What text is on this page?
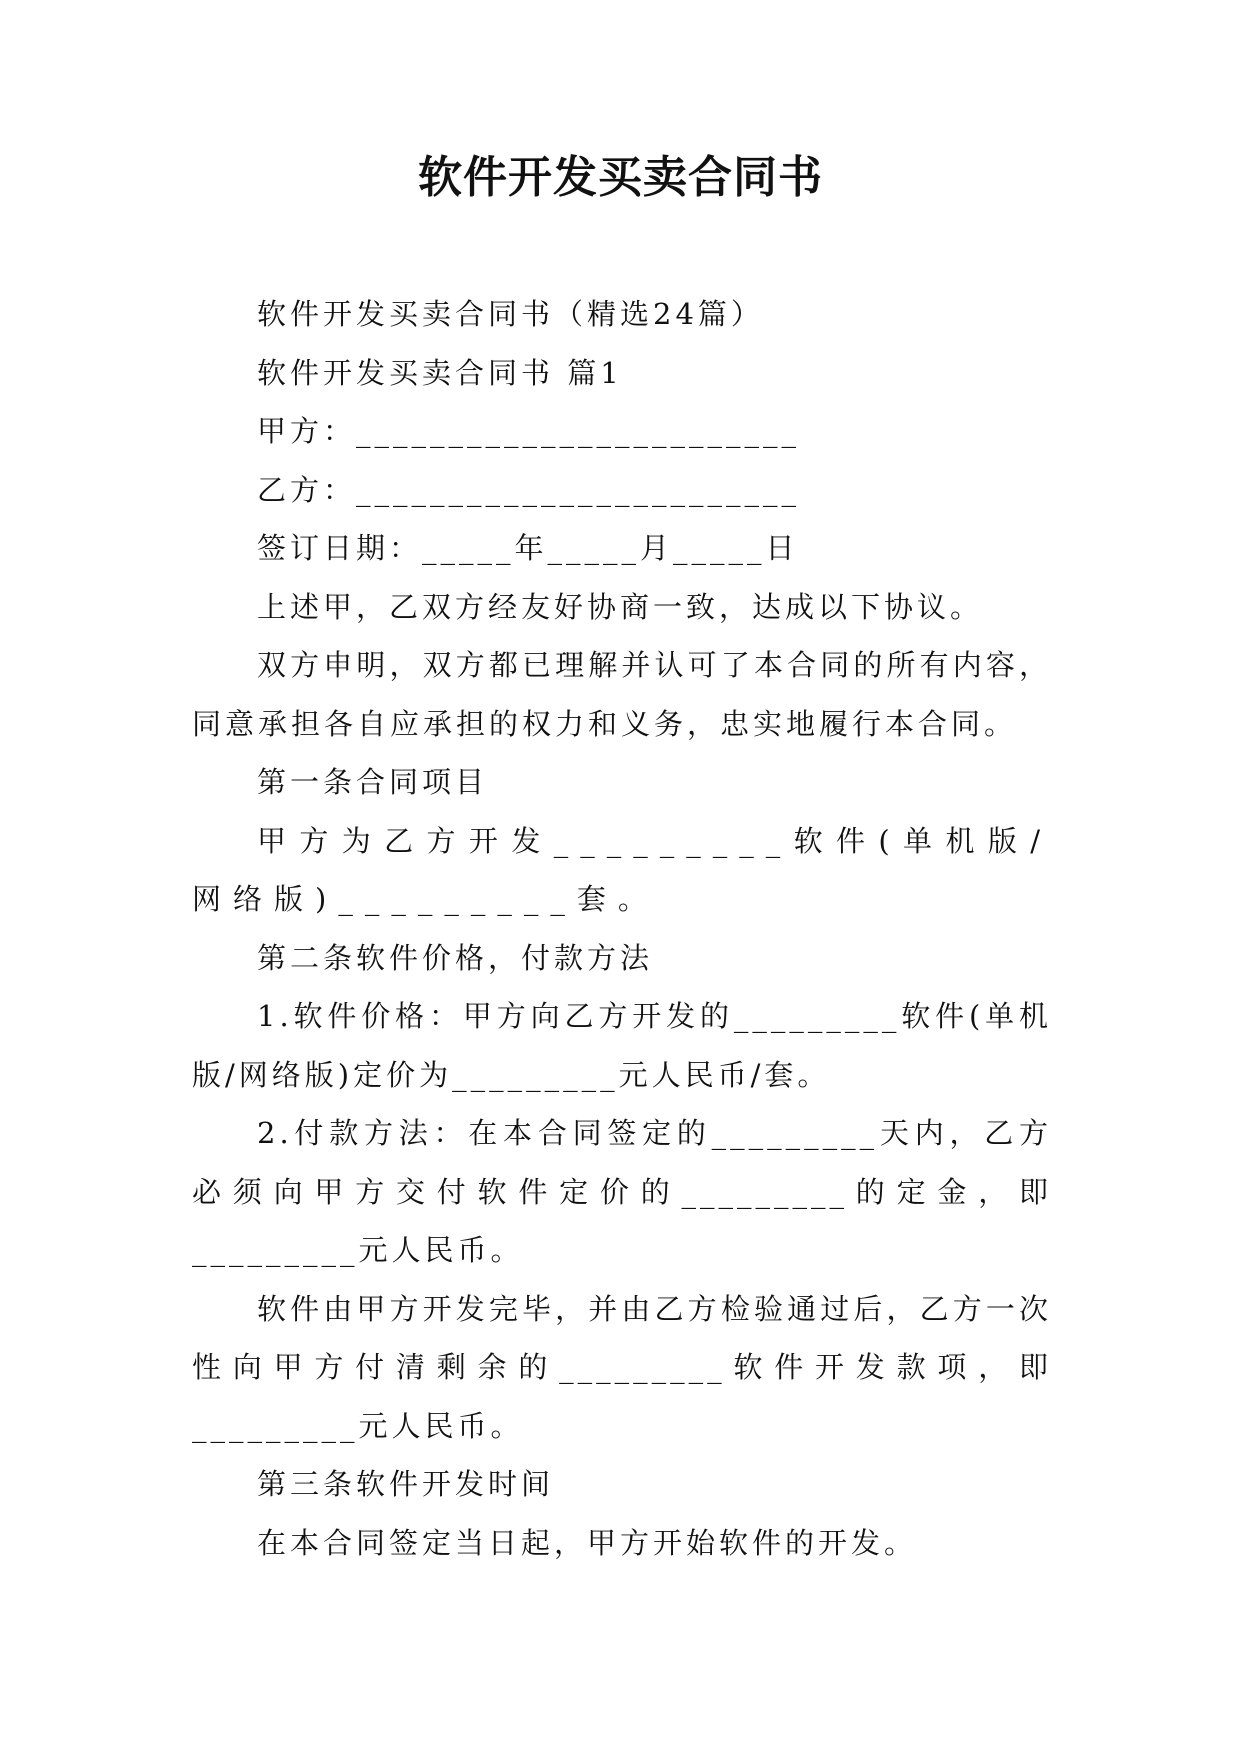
软件开发买卖合同书

软件开发买卖合同书（精选24篇）

软件开发买卖合同书 篇1

甲方：________________________

乙方：________________________

签订日期：_____年_____月_____日

上述甲，乙双方经友好协商一致，达成以下协议。

双方申明，双方都已理解并认可了本合同的所有内容，同意承担各自应承担的权力和义务，忠实地履行本合同。

第一条合同项目

甲方为乙方开发_________软件(单机版/网络版)_________套。

第二条软件价格，付款方法

1.软件价格：甲方向乙方开发的_________软件(单机版/网络版)定价为_________元人民币/套。

2.付款方法：在本合同签定的_________天内，乙方必须向甲方交付软件定价的_________的定金，即_________元人民币。

软件由甲方开发完毕，并由乙方检验通过后，乙方一次性向甲方付清剩余的_________软件开发款项，即_________元人民币。

第三条软件开发时间

在本合同签定当日起，甲方开始软件的开发。
